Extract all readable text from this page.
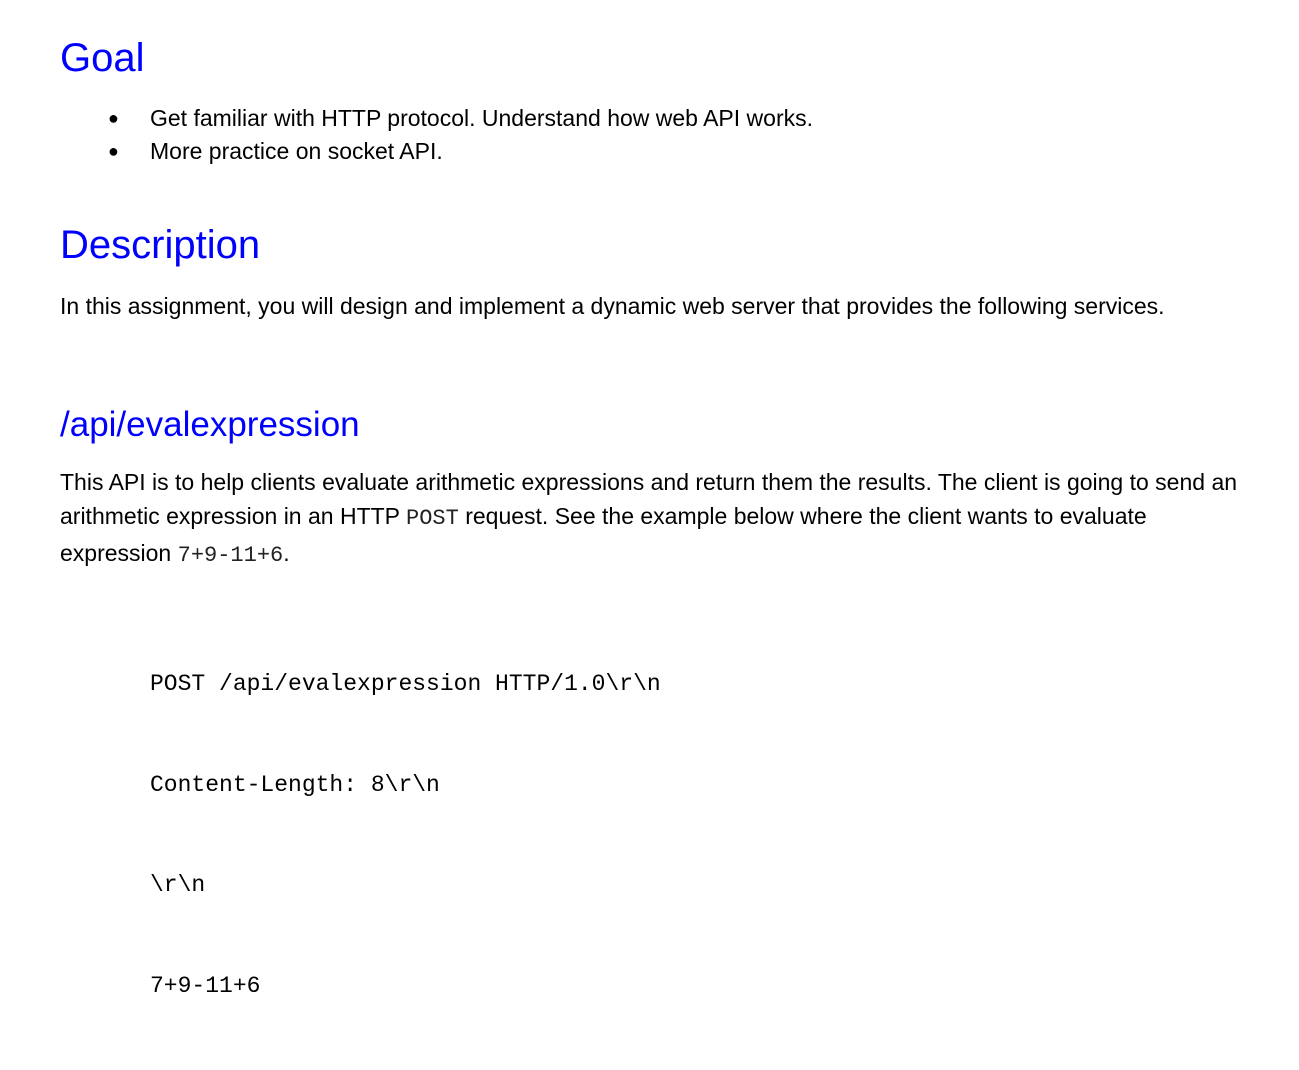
Goal
● Get familiar with HTTP protocol. Understand how web API works.
● More practice on socket API.
Description

In this assignment, you will design and implement a dynamic web server that provides the following services.

/api/evalexpression

This API is to help clients evaluate arithmetic expressions and return them the results. The client is going to send an arithmetic expression in an HTTP POST request. See the example below where the client wants to evaluate expression 7+9-11+6.

POST /api/evalexpression HTTP/1.0\r\n

Content-Length: 8\r\n

\r\n

7+9-11+6
